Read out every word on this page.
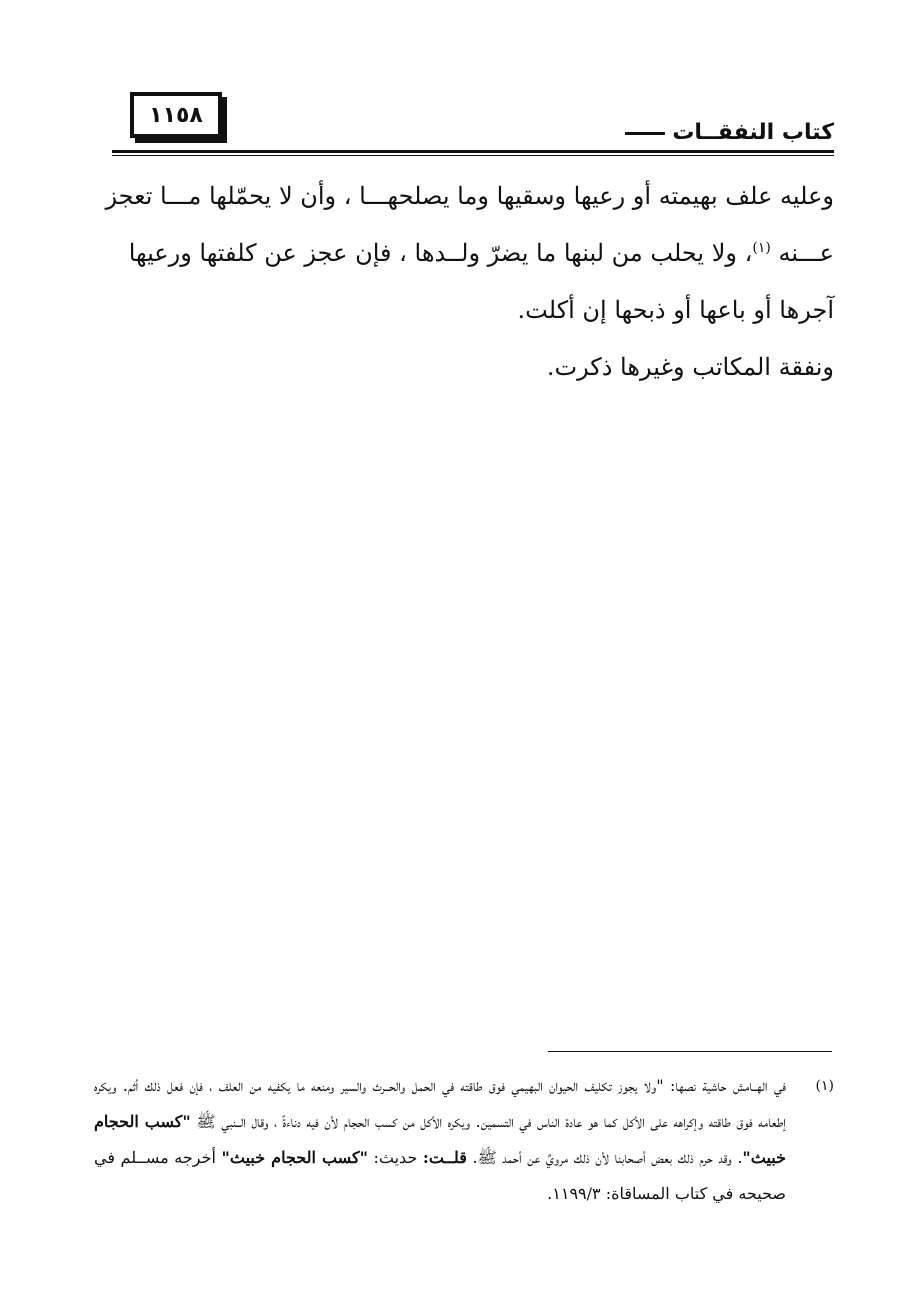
١١٥٨
كتاب النفقــات

وعليه علف بهيمته أو رعيها وسقيها وما يصلحهـــا ، وأن لا يحمّلها مـــا تعجز

عـــنه $^{(١)}$، ولا يحلب من لبنها ما يضرّ ولــدها ، فإن عجز عن كلفتها ورعيها

آجرها أو باعها أو ذبحها إن أكلت.

ونفقة المكاتب وغيرها ذكرت.

(١)
في الهــامش حاشية نصها: "ولا يجوز تكليف الحيوان البهيمي فوق طاقته في الحمل والحــرث والسير ومنعه ما يكفيه من العلف ، فإن فعل ذلك أثم. ويكره إطعامه فوق طاقته وإكراهه على الأكل كما هو عادة الناس في التسمين. ويكره الأكل من كسب الحجام لأن فيه دناءةً ، وقال الــنبي ﷺ "كسب الحجام خبيث". وقد حرم ذلك بعض أصحابنا لأن ذلك مرويٌ عن أحمد ﷺ. قلــت: حديث: "كسب الحجام خبيث" أخرجه مســلم في صحيحه في كتاب المساقاة: ١١٩٩/٣.
